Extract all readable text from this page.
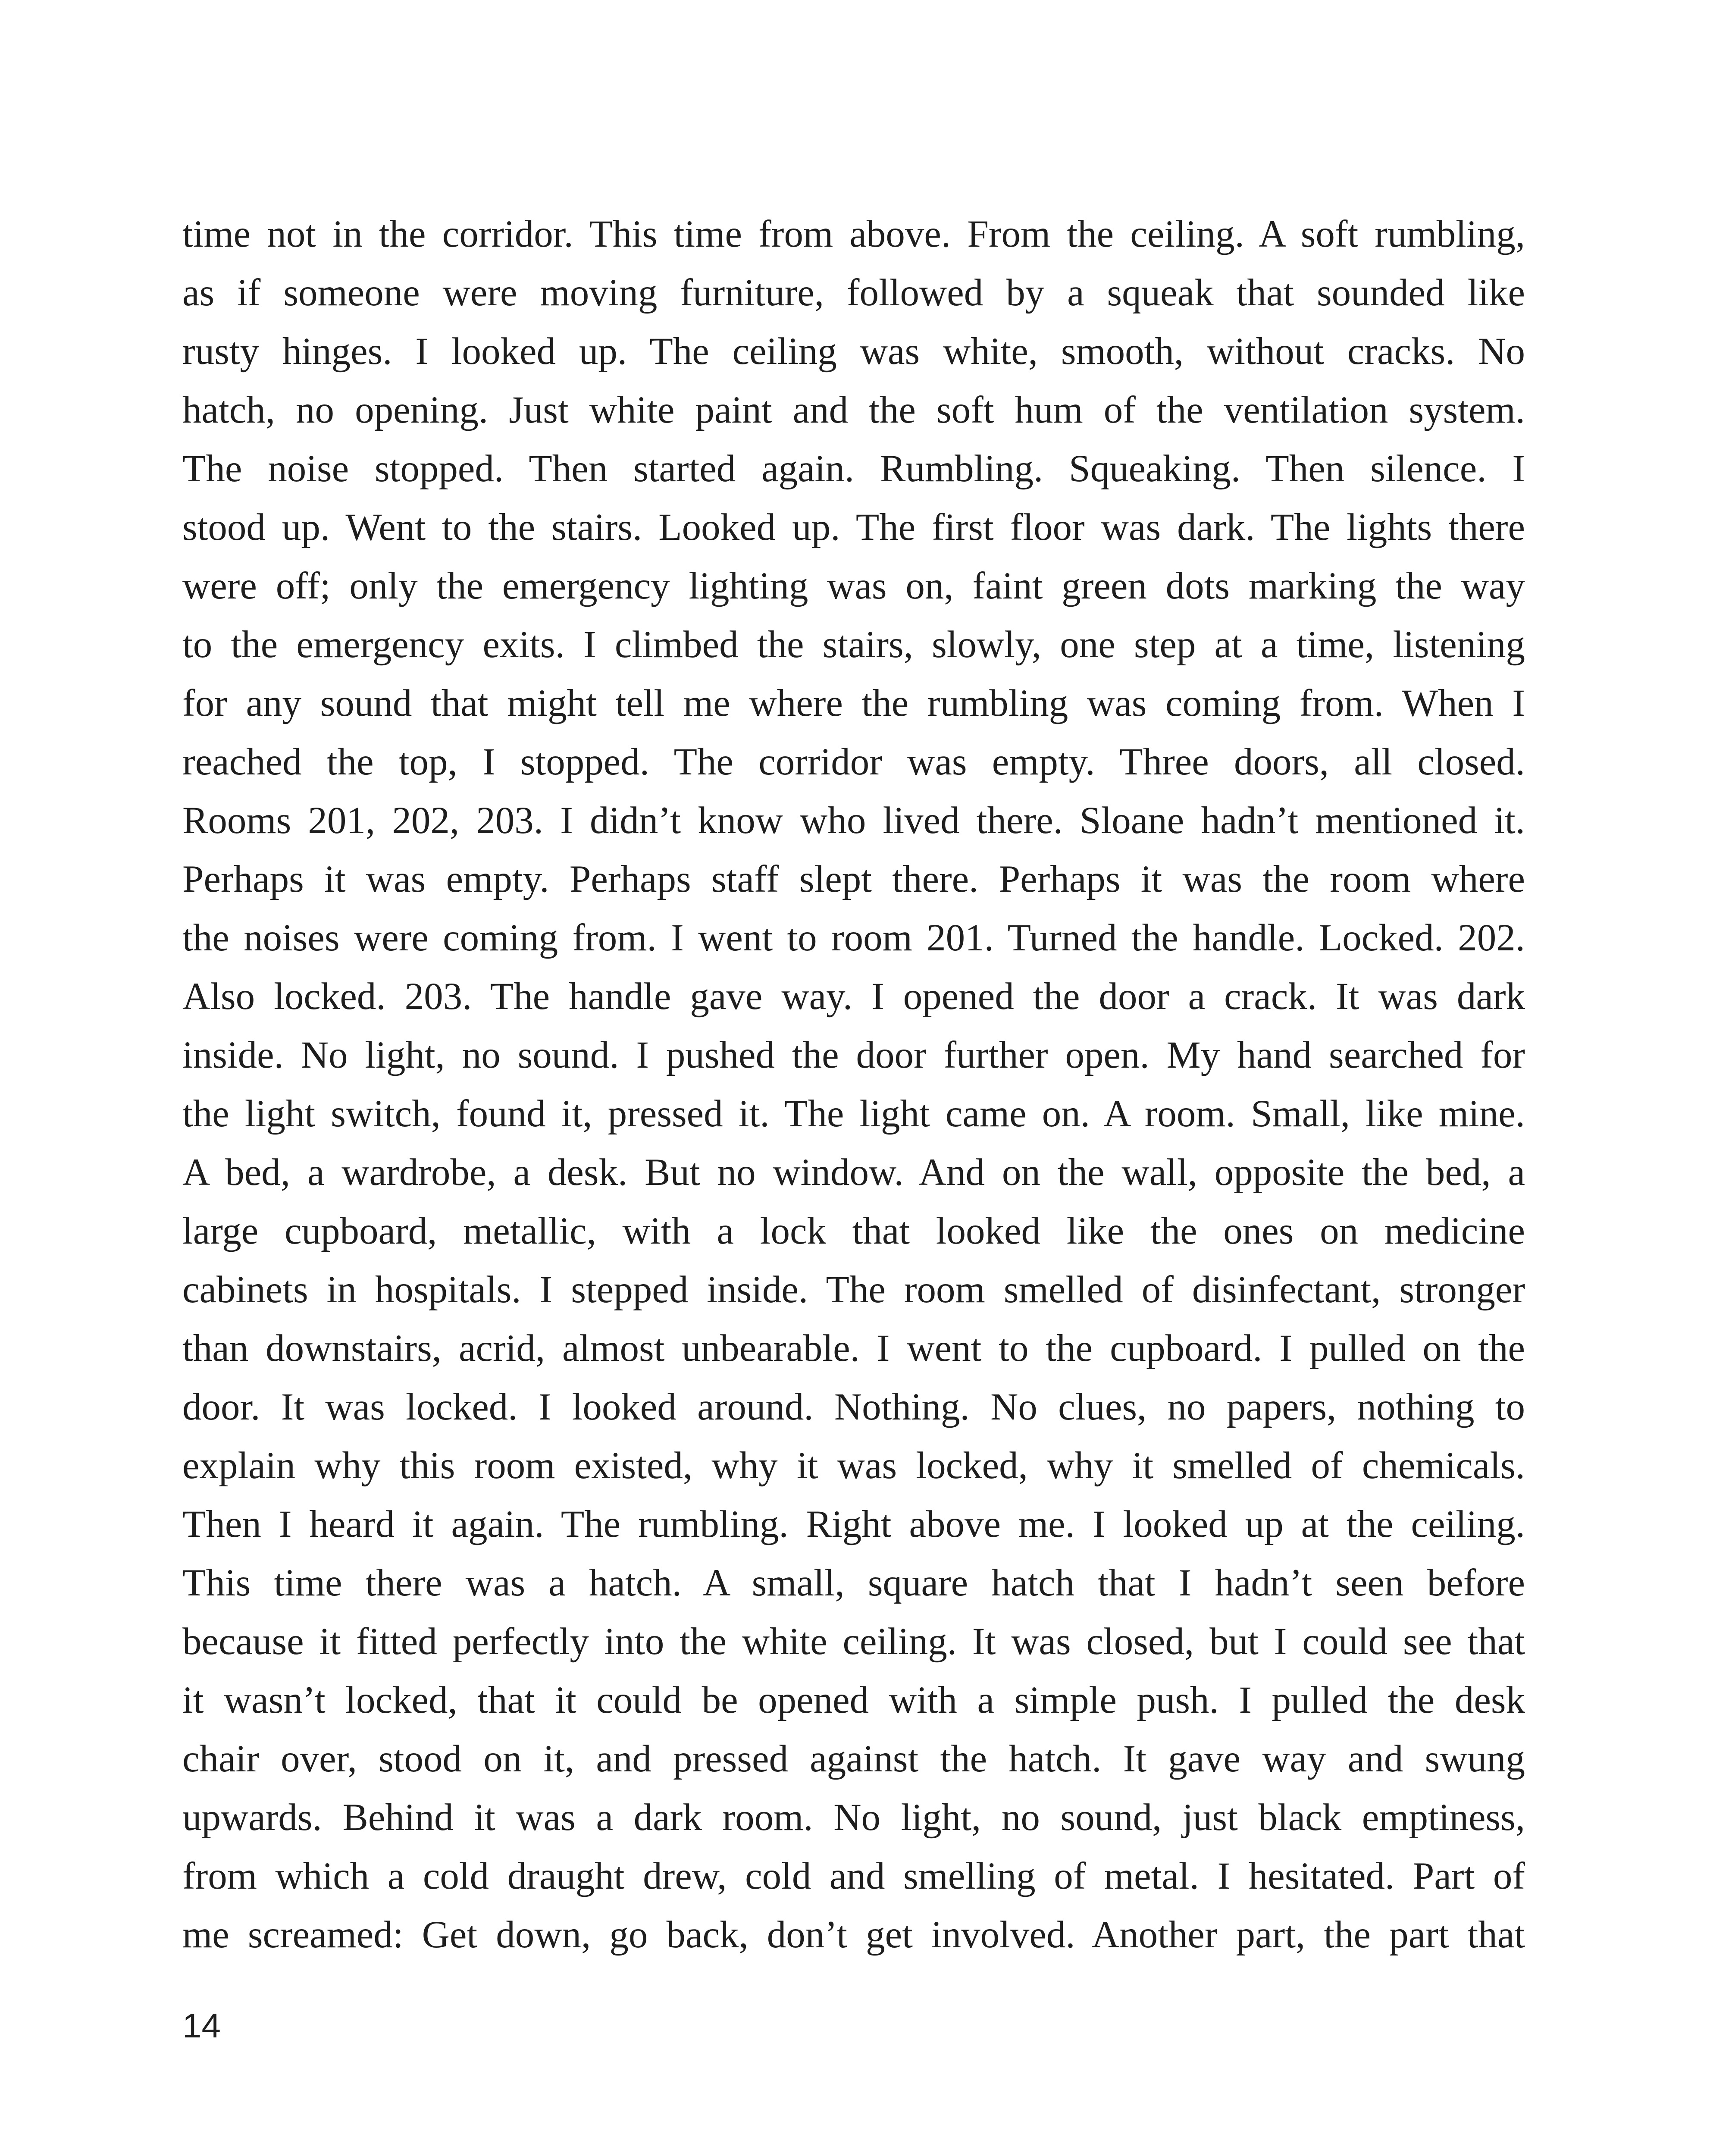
time not in the corridor. This time from above. From the ceiling. A soft rumbling,
as if someone were moving furniture, followed by a squeak that sounded like
rusty hinges. I looked up. The ceiling was white, smooth, without cracks. No
hatch, no opening. Just white paint and the soft hum of the ventilation system.
The noise stopped. Then started again. Rumbling. Squeaking. Then silence. I
stood up. Went to the stairs. Looked up. The first floor was dark. The lights there
were off; only the emergency lighting was on, faint green dots marking the way
to the emergency exits. I climbed the stairs, slowly, one step at a time, listening
for any sound that might tell me where the rumbling was coming from. When I
reached the top, I stopped. The corridor was empty. Three doors, all closed.
Rooms 201, 202, 203. I didn’t know who lived there. Sloane hadn’t mentioned it.
Perhaps it was empty. Perhaps staff slept there. Perhaps it was the room where
the noises were coming from. I went to room 201. Turned the handle. Locked. 202.
Also locked. 203. The handle gave way. I opened the door a crack. It was dark
inside. No light, no sound. I pushed the door further open. My hand searched for
the light switch, found it, pressed it. The light came on. A room. Small, like mine.
A bed, a wardrobe, a desk. But no window. And on the wall, opposite the bed, a
large cupboard, metallic, with a lock that looked like the ones on medicine
cabinets in hospitals. I stepped inside. The room smelled of disinfectant, stronger
than downstairs, acrid, almost unbearable. I went to the cupboard. I pulled on the
door. It was locked. I looked around. Nothing. No clues, no papers, nothing to
explain why this room existed, why it was locked, why it smelled of chemicals.
Then I heard it again. The rumbling. Right above me. I looked up at the ceiling.
This time there was a hatch. A small, square hatch that I hadn’t seen before
because it fitted perfectly into the white ceiling. It was closed, but I could see that
it wasn’t locked, that it could be opened with a simple push. I pulled the desk
chair over, stood on it, and pressed against the hatch. It gave way and swung
upwards. Behind it was a dark room. No light, no sound, just black emptiness,
from which a cold draught drew, cold and smelling of metal. I hesitated. Part of
me screamed: Get down, go back, don’t get involved. Another part, the part that
14
